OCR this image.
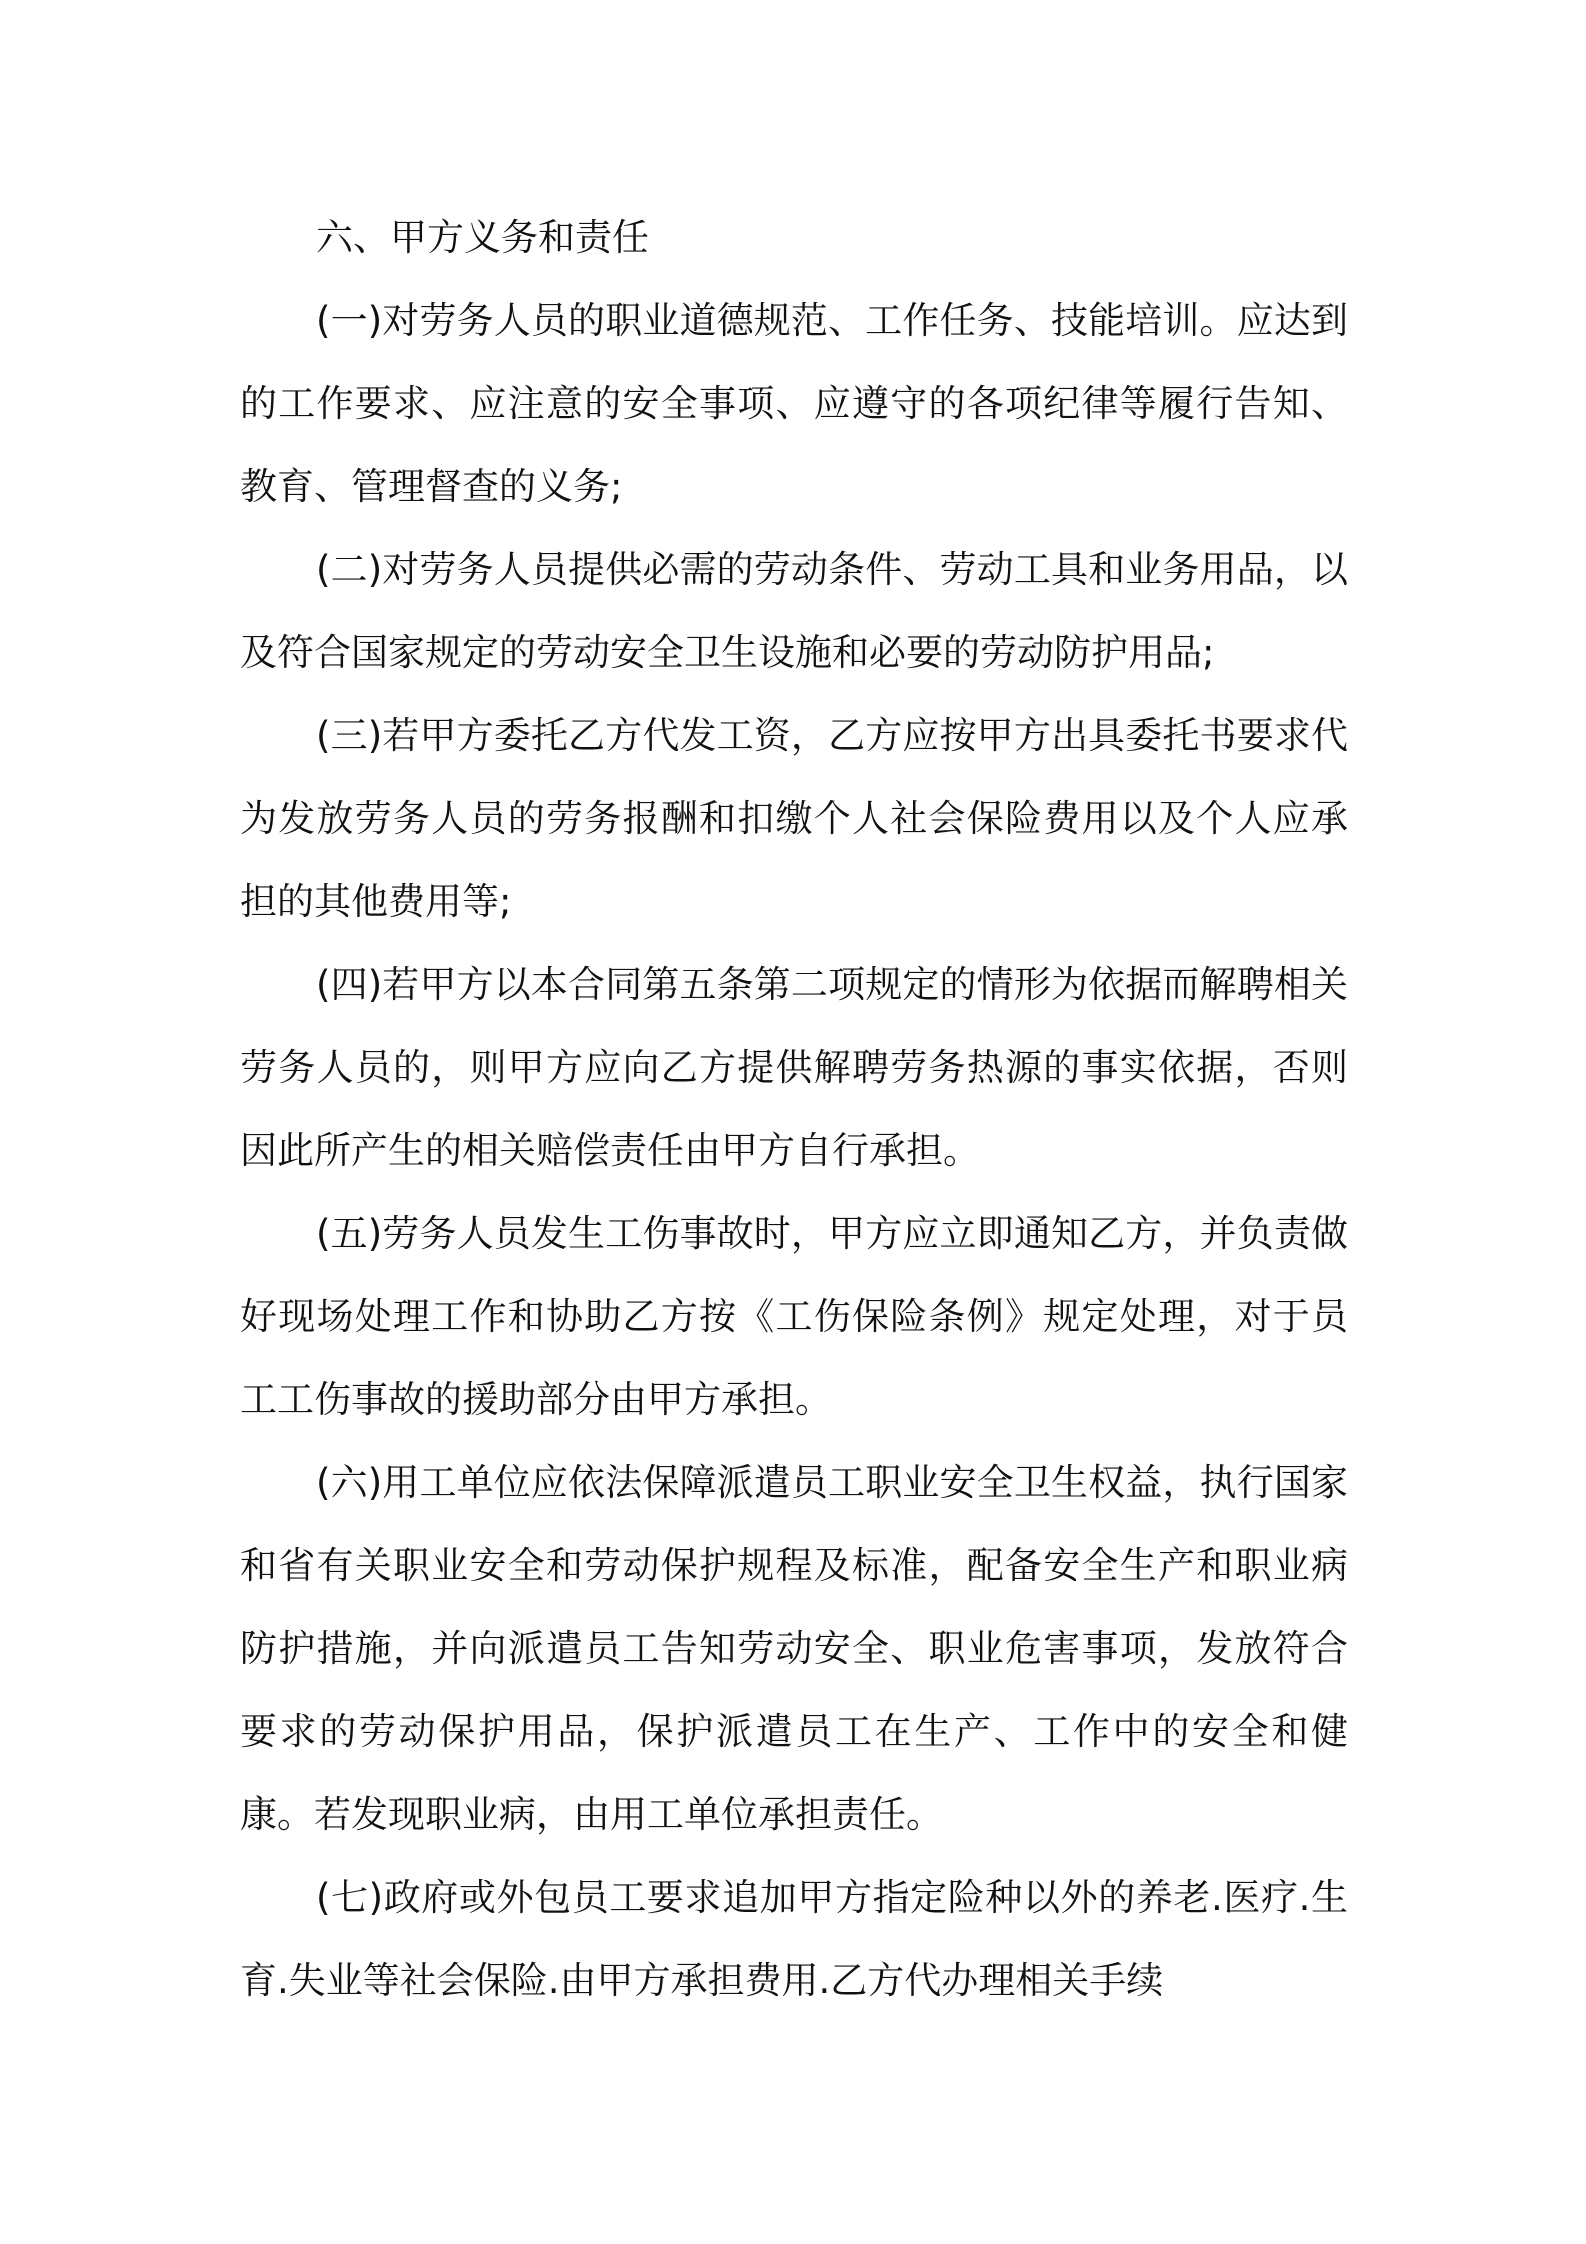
六、甲方义务和责任

(一)对劳务人员的职业道德规范、工作任务、技能培训。应达到的工作要求、应注意的安全事项、应遵守的各项纪律等履行告知、教育、管理督查的义务;

(二)对劳务人员提供必需的劳动条件、劳动工具和业务用品，以及符合国家规定的劳动安全卫生设施和必要的劳动防护用品;

(三)若甲方委托乙方代发工资，乙方应按甲方出具委托书要求代为发放劳务人员的劳务报酬和扣缴个人社会保险费用以及个人应承担的其他费用等;

(四)若甲方以本合同第五条第二项规定的情形为依据而解聘相关劳务人员的，则甲方应向乙方提供解聘劳务热源的事实依据，否则因此所产生的相关赔偿责任由甲方自行承担。

(五)劳务人员发生工伤事故时，甲方应立即通知乙方，并负责做好现场处理工作和协助乙方按《工伤保险条例》规定处理，对于员工工伤事故的援助部分由甲方承担。

(六)用工单位应依法保障派遣员工职业安全卫生权益，执行国家和省有关职业安全和劳动保护规程及标准，配备安全生产和职业病防护措施，并向派遣员工告知劳动安全、职业危害事项，发放符合要求的劳动保护用品，保护派遣员工在生产、工作中的安全和健康。若发现职业病，由用工单位承担责任。

(七)政府或外包员工要求追加甲方指定险种以外的养老.医疗.生育.失业等社会保险.由甲方承担费用.乙方代办理相关手续
